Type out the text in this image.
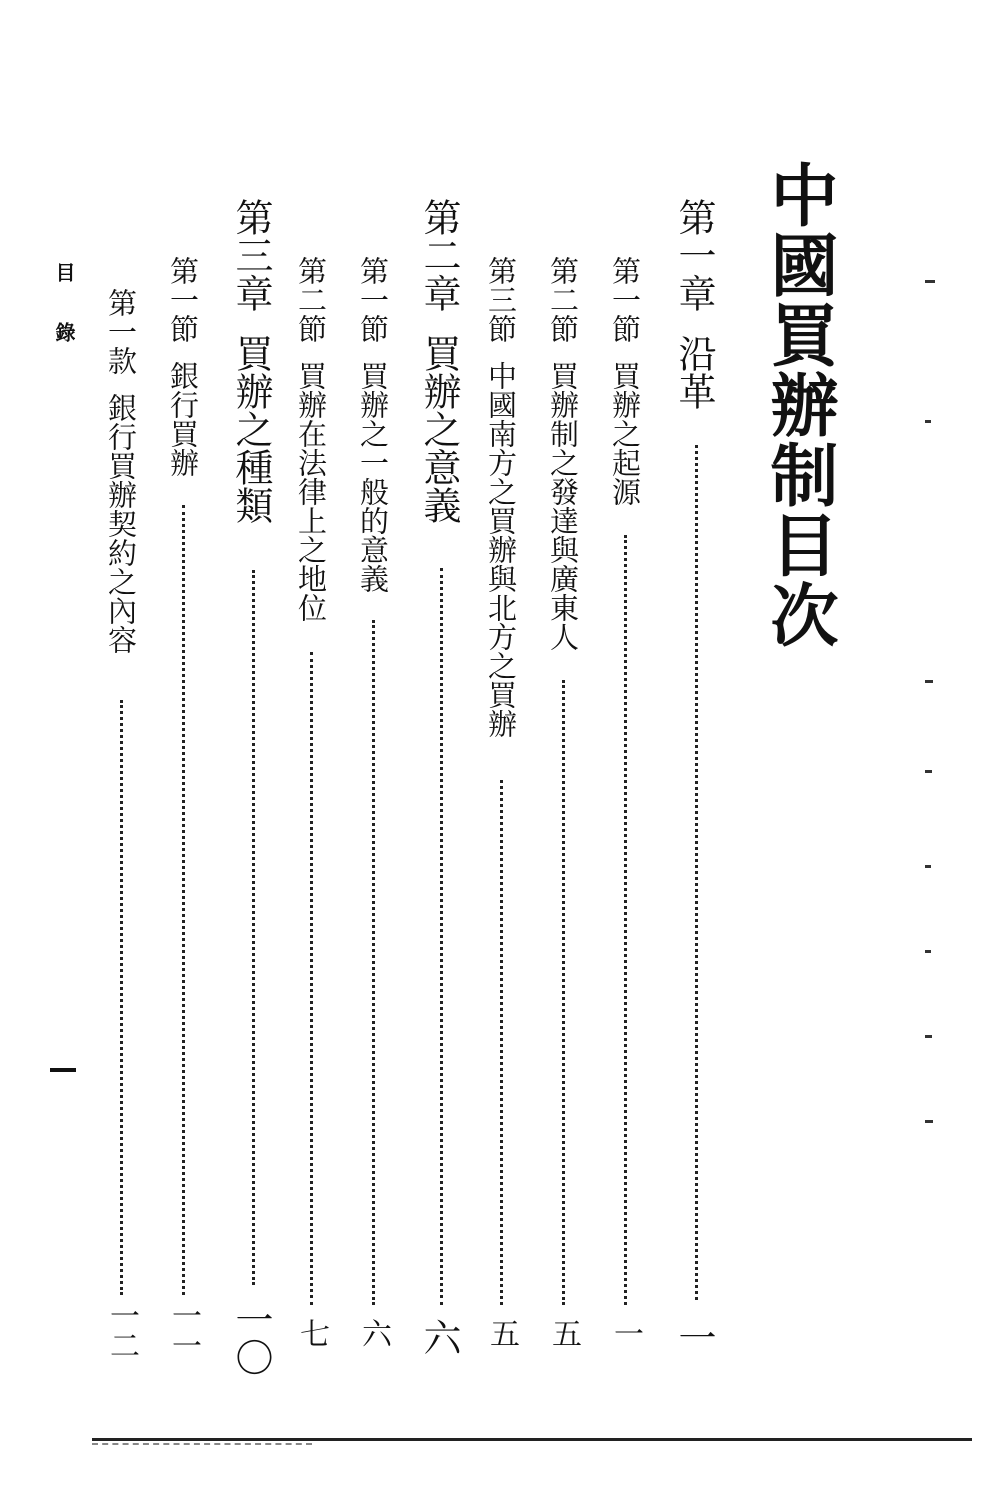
中國買辦制目次
第一章沿革
一
第一節買辦之起源
一
第二節買辦制之發達與廣東人
五
第三節中國南方之買辦與北方之買辦
五
第二章買辦之意義
六
第一節買辦之一般的意義
六
第二節買辦在法律上之地位
七
第三章買辦之種類
一〇
第一節銀行買辦
一一
第一款銀行買辦契約之內容
一二
目錄
